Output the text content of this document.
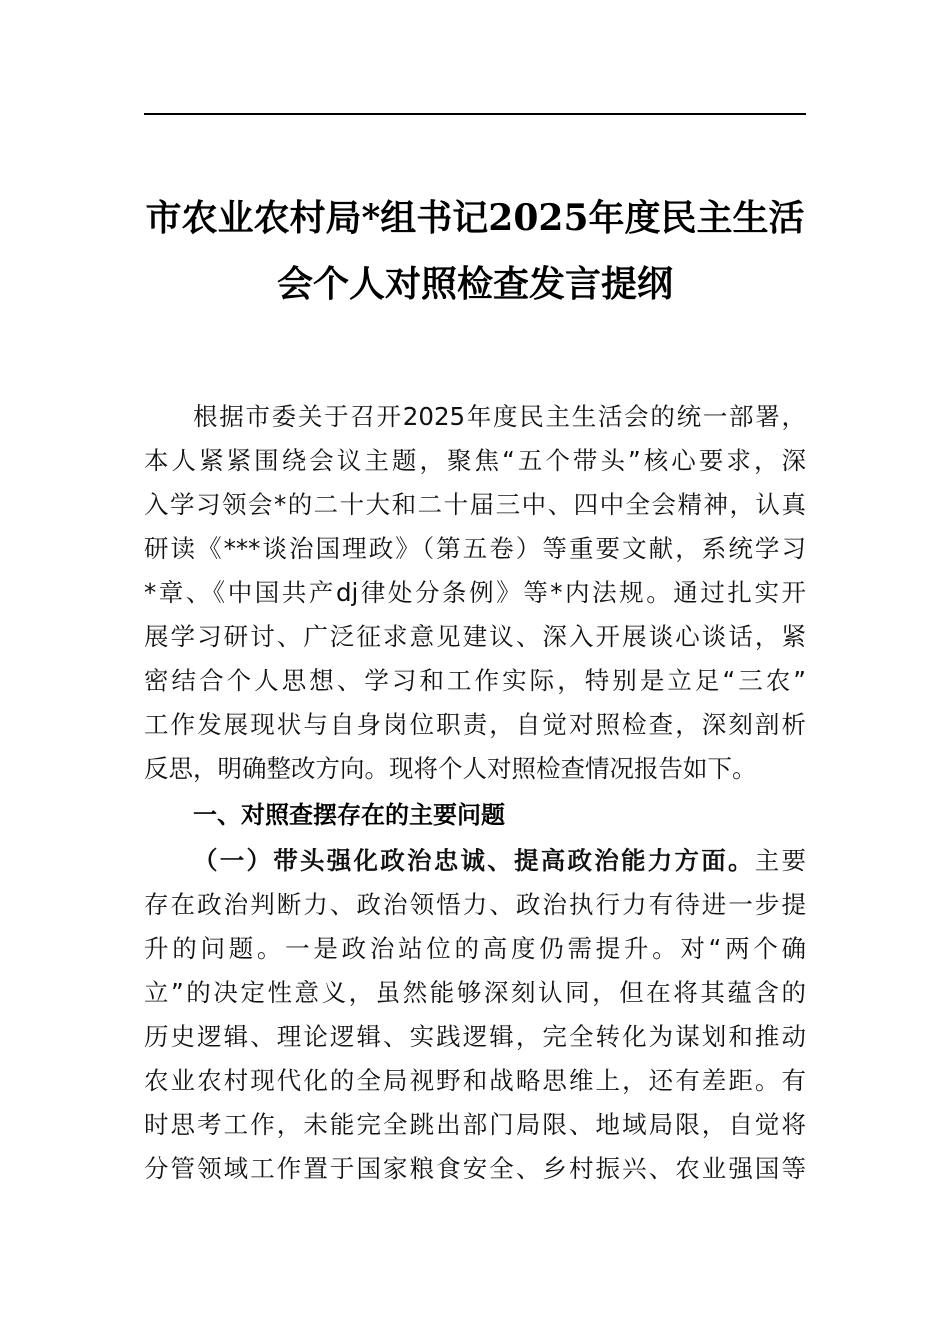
市农业农村局*组书记2025年度民主生活
会个人对照检查发言提纲
根据市委关于召开2025年度民主生活会的统一部署，
本人紧紧围绕会议主题，聚焦“五个带头”核心要求，深
入学习领会*的二十大和二十届三中、四中全会精神，认真
研读《***谈治国理政》（第五卷）等重要文献，系统学习
*章、《中国共产dj律处分条例》等*内法规。通过扎实开
展学习研讨、广泛征求意见建议、深入开展谈心谈话，紧
密结合个人思想、学习和工作实际，特别是立足“三农”
工作发展现状与自身岗位职责，自觉对照检查，深刻剖析
反思，明确整改方向。现将个人对照检查情况报告如下。
一、对照查摆存在的主要问题
（一）带头强化政治忠诚、提高政治能力方面。主要
存在政治判断力、政治领悟力、政治执行力有待进一步提
升的问题。一是政治站位的高度仍需提升。对“两个确
立”的决定性意义，虽然能够深刻认同，但在将其蕴含的
历史逻辑、理论逻辑、实践逻辑，完全转化为谋划和推动
农业农村现代化的全局视野和战略思维上，还有差距。有
时思考工作，未能完全跳出部门局限、地域局限，自觉将
分管领域工作置于国家粮食安全、乡村振兴、农业强国等
